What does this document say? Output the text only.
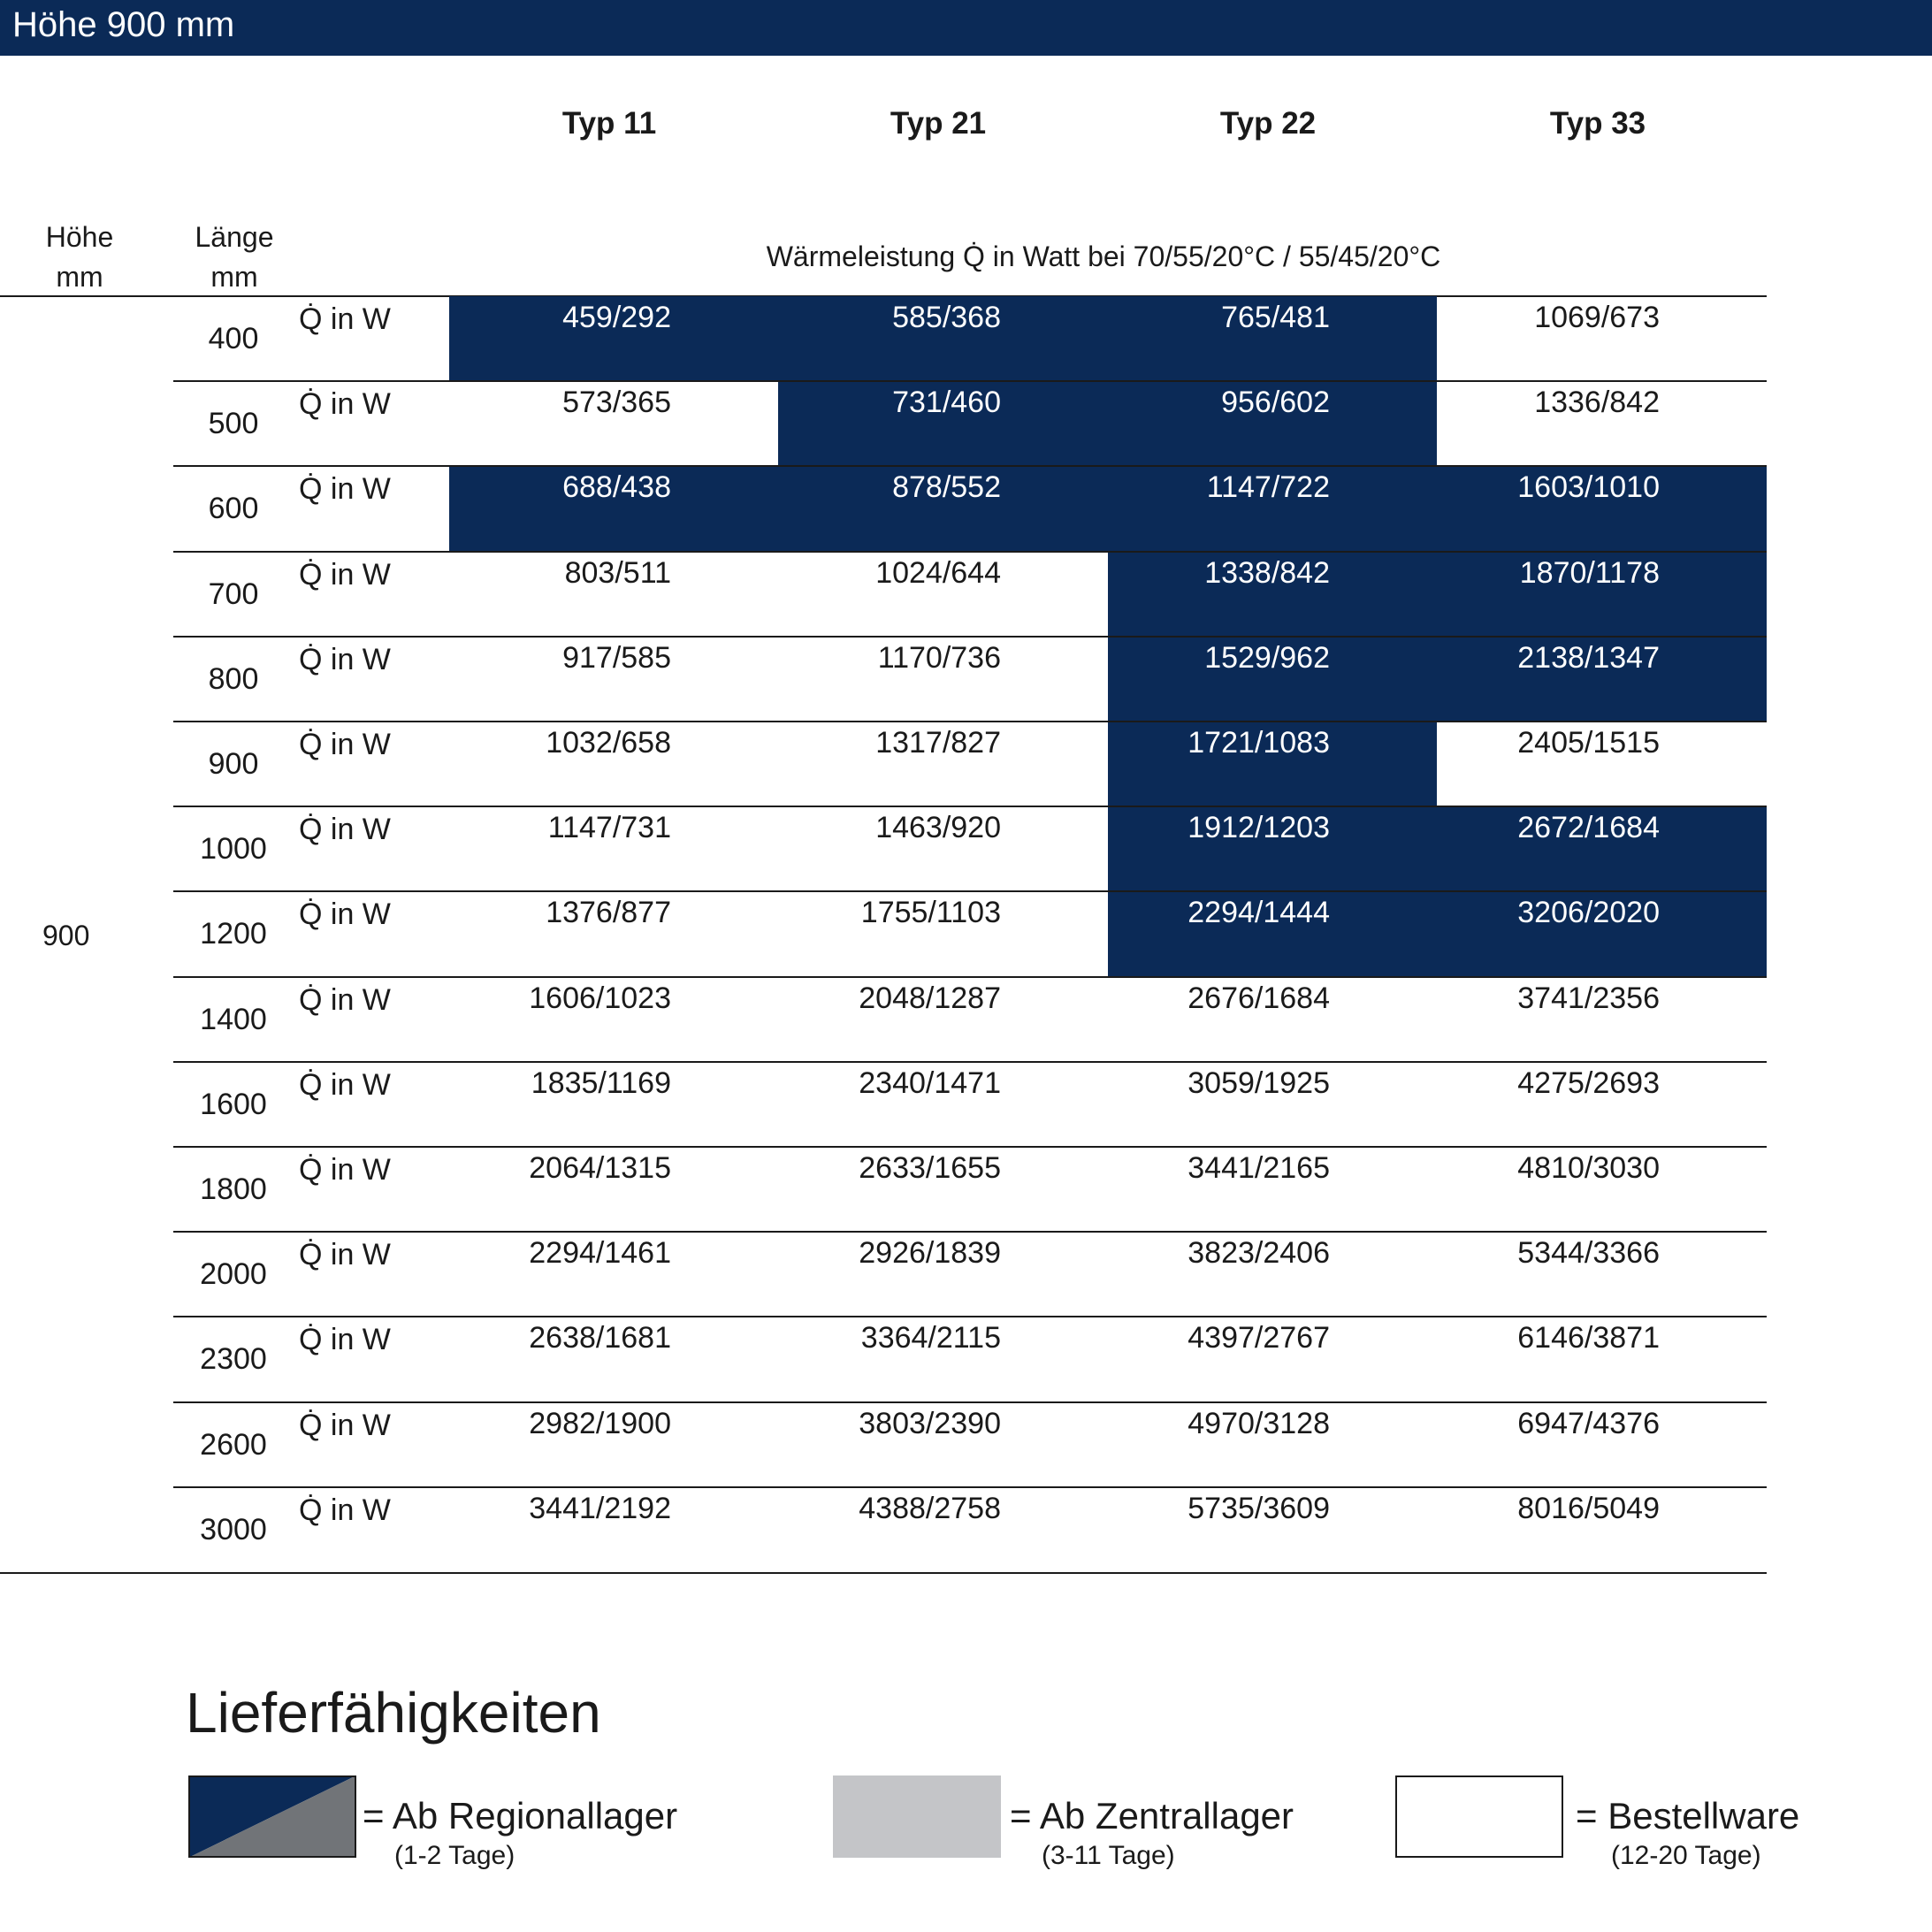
Höhe 900 mm
Typ 11	Typ 21	Typ 22	Typ 33
Höhe
mm
Länge
mm
Wärmeleistung Q̇ in Watt bei 70/55/20°C / 55/45/20°C
400
Q̇ in W	459/292	585/368	765/481	1069/673
500
Q̇ in W	573/365	731/460	956/602	1336/842
600
Q̇ in W	688/438	878/552	1147/722	1603/1010
700
Q̇ in W	803/511	1024/644	1338/842	1870/1178
800
Q̇ in W	917/585	1170/736	1529/962	2138/1347
900
Q̇ in W	1032/658	1317/827	1721/1083	2405/1515
1000
Q̇ in W	1147/731	1463/920	1912/1203	2672/1684
1200
Q̇ in W	1376/877	1755/1103	2294/1444	3206/2020
1400
Q̇ in W	1606/1023	2048/1287	2676/1684	3741/2356
1600
Q̇ in W	1835/1169	2340/1471	3059/1925	4275/2693
1800
Q̇ in W	2064/1315	2633/1655	3441/2165	4810/3030
2000
Q̇ in W	2294/1461	2926/1839	3823/2406	5344/3366
2300
Q̇ in W	2638/1681	3364/2115	4397/2767	6146/3871
2600
Q̇ in W	2982/1900	3803/2390	4970/3128	6947/4376
3000
Q̇ in W	3441/2192	4388/2758	5735/3609	8016/5049
900
Lieferfähigkeiten
= Ab Regionallager
(1-2 Tage)
= Ab Zentrallager
(3-11 Tage)
= Bestellware
(12-20 Tage)
